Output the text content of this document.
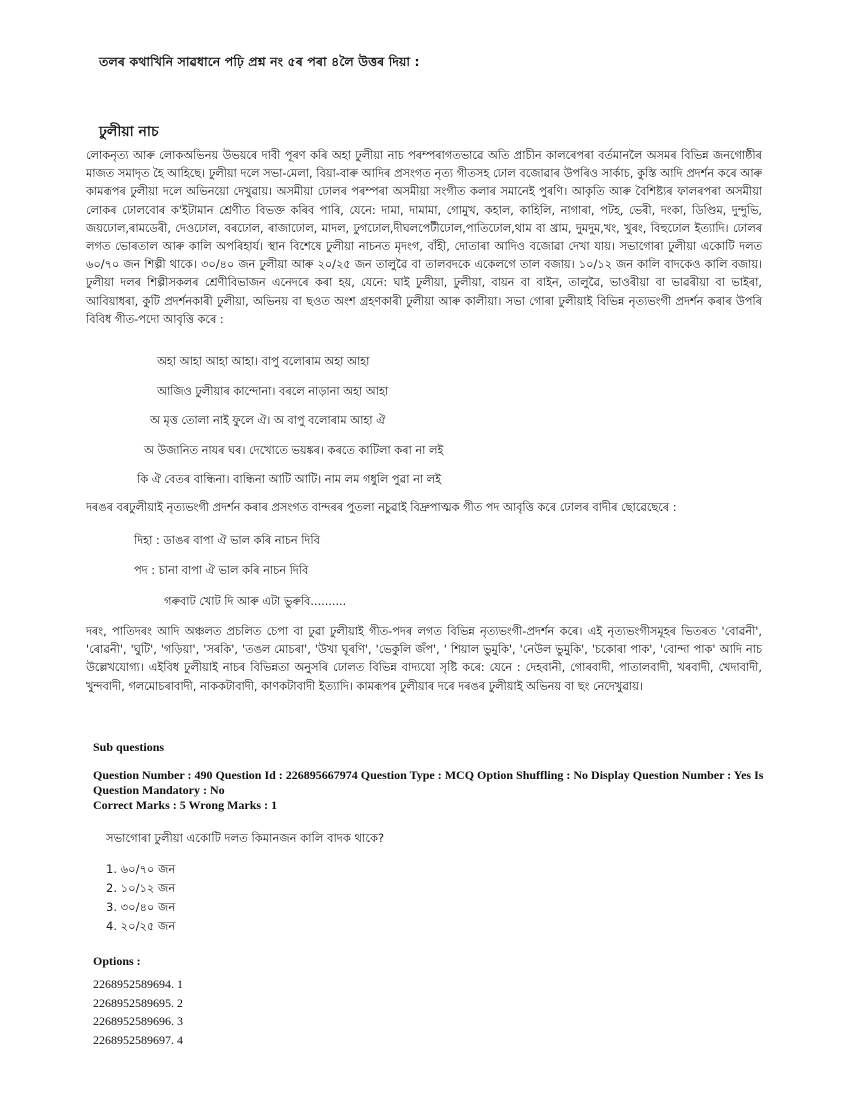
তলৰ কথাখিনি সাৱধানে পঢ়ি প্ৰশ্ন নং ৫ৰ পৰা ৪লৈ উত্তৰ দিয়া :
ঢুলীয়া নাচ
লোকনৃত্য আৰু লোকঅভিনয় উভয়ৰে দাবী পূৰণ কৰি অহা ঢুলীয়া নাচ পৰম্পৰাগতভাৱে অতি প্ৰাচীন কালৰেপৰা বৰ্তমানলৈ অসমৰ বিভিন্ন জনগোষ্ঠীৰ মাজত সমাদৃত হৈ আহিছে। ঢুলীয়া দলে সভা-মেলা, বিয়া-বাৰু আদিৰ প্ৰসংগত নৃত্য গীতসহ ঢোল বজোৱাৰ উপৰিও সাৰ্কাচ, কুস্তি আদি প্ৰদৰ্শন কৰে আৰু কামৰূপৰ ঢুলীয়া দলে অভিনয়ো দেখুৱায়। অসমীয়া ঢোলৰ পৰম্পৰা অসমীয়া সংগীত কলাৰ সমানেই পুৰণি। আকৃতি আৰু বৈশিষ্ট্যৰ ফালৰপৰা অসমীয়া লোকৰ ঢোলবোৰ ক'ইটামান শ্ৰেণীত বিভক্ত কৰিব পাৰি, যেনে: দামা, দামামা, গোমুখ, কহাল, কাহিলি, নাগাৰা, পটহ, ভেৰী, দংকা, ডিণ্ডিম, দুন্দুভি, জয়ঢোল,ৰামডেৰী, দেওঢোল, বৰঢোল, ৰাজাঢোল, মাদল, ঢুগঢোল,দীঘলপেটীঢোল,পাতিঢোল,থাম বা খ্ৰাম, দুমদুম,খং, খুৰং, বিহুঢোল ইত্যাদি। ঢোলৰ লগত ভোৰতাল আৰু কালি অপৰিহাৰ্য। স্থান বিশেষে ঢুলীয়া নাচনত মৃদংগ, বাঁহী, দোতাৰা আদিও বজোৱা দেখা যায়। সভাগোৰা ঢুলীয়া একোটি দলত ৬০/৭০ জন শিল্পী থাকে। ৩০/৪০ জন ঢুলীয়া আৰু ২০/২৫ জন তালুৱৈ বা তালবদকে একেলগে তাল বজায়। ১০/১২ জন কালি বাদকেও কালি বজায়। ঢুলীয়া দলৰ শিল্পীসকলৰ শ্ৰেণীবিভাজন এনেদৰে কৰা হয়, যেনে: ঘাই ঢুলীয়া, ঢুলীয়া, বায়ন বা বাইন, তালুৱৈ, ভাওৰীয়া বা ভাৱৰীয়া বা ভাইৰা, আবিয়াধৰা, কুটি প্ৰদৰ্শনকাৰী ঢুলীয়া, অভিনয় বা ছওত অংশ গ্ৰহণকাৰী ঢুলীয়া আৰু কালীয়া। সভা গোৰা ঢুলীয়াই বিভিন্ন নৃত্যভংগী প্ৰদৰ্শন কৰাৰ উপৰি বিবিধ গীত-পদো আবৃত্তি কৰে :
অহা আহা আহা আহা। বাপু বলোৰাম অহা আহা
আজিও ঢুলীয়াৰ কান্দোনা। বৰলে নাড়ানা অহা আহা
অ মৃত্ত তোলা নাই ফুলে ঐ। অ বাপু বলোৰাম আহা ঐ
অ উজানিত নাযৰ ঘৰ। দেখোতে ভয়ঙ্কৰ। কৰতে কাটিলা কৰা না লই
কি ঐ বেতৰ বান্ধিনা। বান্ধিনা আটি আটি। নাম লম গধুলি পুৱা না লই
দৰঙৰ বৰঢুলীয়াই নৃত্যভংগী প্ৰদৰ্শন কৰাৰ প্ৰসংগত বান্দৰৰ পুতলা নচুৱাই বিদ্ৰুপাত্মক গীত পদ আবৃত্তি কৰে ঢোলৰ বাদীৰ ছোৱেছেৰে :
দিহা : ডাঙৰ বাপা ঐ ভাল কৰি নাচন দিবি
পদ : চানা বাপা ঐ ভাল কৰি নাচন দিবি
গৰুবাট খোট দি আৰু এটা ভুৰুবি..........
দৰং, পাতিদৰং আদি অঞ্চলত প্ৰচলিত চেপা বা ঢুৱা ঢুলীয়াই গীত-পদৰ লগত বিভিন্ন নৃত্যভংগী-প্ৰদৰ্শন কৰে। এই নৃত্যভংগীসমূহৰ ভিতৰত 'বোৱনী', 'ৰোৱনী', 'ঘুটি', 'গড়িয়া', 'সৰকি', 'তঙল মোচৰা', 'উখা ঘূৰণি', 'ভেকুলি জঁপ', ' শিয়াল ভুমুকি', 'নেউল ভুমুকি', 'চকোৰা পাক', 'বোন্দা পাক' আদি নাচ উল্লেখযোগ্য। এইবিধ ঢুলীয়াই নাচৰ বিভিন্নতা অনুসৰি ঢোলত বিভিন্ন বাদ্যযো সৃষ্টি কৰে: যেনে : দেহবানী, গোৰবাদী, পাতালবাদী, খৰবাদী, খেদাবাদী, খুন্দবাদী, গলমোচৰাবাদী, নাককটাবাদী, কাণকটাবাদী ইত্যাদি। কামৰূপৰ ঢুলীয়াৰ দৰে দৰঙৰ ঢুলীয়াই অভিনয় বা ছং নেদেখুৱায়।
Sub questions
Question Number : 490 Question Id : 226895667974 Question Type : MCQ Option Shuffling : No Display Question Number : Yes Is Question Mandatory : No
Correct Marks : 5 Wrong Marks : 1
সভাগোৰা ঢুলীয়া একোটি দলত কিমানজন কালি বাদক থাকে?
1. ৬০/৭০ জন
2. ১০/১২ জন
3. ৩০/৪০ জন
4. ২০/২৫ জন
Options :
2268952589694. 1
2268952589695. 2
2268952589696. 3
2268952589697. 4
